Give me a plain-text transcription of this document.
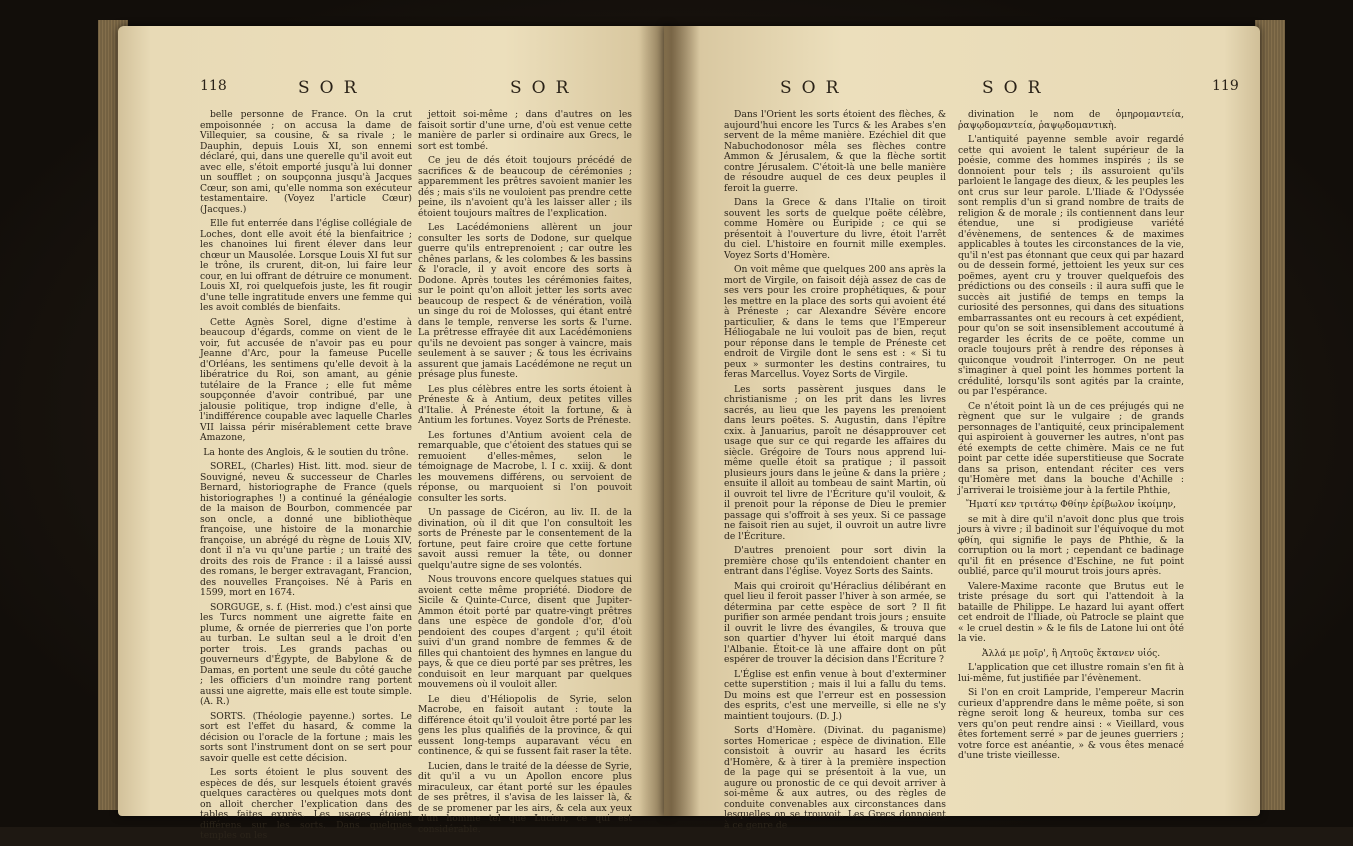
118	SOR	SOR

belle personne de France. On la crut empoisonnée ; on accusa la dame de Villequier, sa cousine, & sa rivale ; le Dauphin, depuis Louis XI, son ennemi déclaré, qui, dans une querelle qu'il avoit eut avec elle, s'étoit emporté jusqu'à lui donner un soufflet ; on soupçonna jusqu'à Jacques Cœur, son ami, qu'elle nomma son exécuteur testamentaire. (Voyez l'article Cœur) (Jacques.)

Elle fut enterrée dans l'église collégiale de Loches, dont elle avoit été la bienfaitrice ; les chanoines lui firent élever dans leur chœur un Mausolée. Lorsque Louis XI fut sur le trône, ils crurent, dit-on, lui faire leur cour, en lui offrant de détruire ce monument. Louis XI, roi quelquefois juste, les fit rougir d'une telle ingratitude envers une femme qui les avoit comblés de bienfaits.

Cette Agnès Sorel, digne d'estime à beaucoup d'égards, comme on vient de le voir, fut accusée de n'avoir pas eu pour Jeanne d'Arc, pour la fameuse Pucelle d'Orléans, les sentimens qu'elle devoit à la libératrice du Roi, son amant, au génie tutélaire de la France ; elle fut même soupçonnée d'avoir contribué, par une jalousie politique, trop indigne d'elle, à l'indifférence coupable avec laquelle Charles VII laissa périr misérablement cette brave Amazone,

La honte des Anglois, & le soutien du trône.

SOREL, (Charles) Hist. litt. mod. sieur de Souvigné, neveu & successeur de Charles Bernard, historiographe de France (quels historiographes !) a continué la généalogie de la maison de Bourbon, commencée par son oncle, a donné une bibliothèque françoise, une histoire de la monarchie françoise, un abrégé du règne de Louis XIV, dont il n'a vu qu'une partie ; un traité des droits des rois de France : il a laissé aussi des romans, le berger extravagant, Francion, des nouvelles Françoises. Né à Paris en 1599, mort en 1674.

SORGUGE, s. f. (Hist. mod.) c'est ainsi que les Turcs nomment une aigrette faite en plume, & ornée de pierreries que l'on porte au turban. Le sultan seul a le droit d'en porter trois. Les grands pachas ou gouverneurs d'Égypte, de Babylone & de Damas, en portent une seule du côté gauche ; les officiers d'un moindre rang portent aussi une aigrette, mais elle est toute simple. (A. R.)

SORTS. (Théologie payenne.) sortes. Le sort est l'effet du hasard, & comme la décision ou l'oracle de la fortune ; mais les sorts sont l'instrument dont on se sert pour savoir quelle est cette décision.

Les sorts étoient le plus souvent des espèces de dés, sur lesquels étoient gravés quelques caractères ou quelques mots dont on alloit chercher l'explication dans des tables faites exprès. Les usages étoient différens sur les sorts. Dans quelques temples on les

jettoit soi-même ; dans d'autres on les faisoit sortir d'une urne, d'où est venue cette manière de parler si ordinaire aux Grecs, le sort est tombé.

Ce jeu de dés étoit toujours précédé de sacrifices & de beaucoup de cérémonies ; apparemment les prêtres savoient manier les dés ; mais s'ils ne vouloient pas prendre cette peine, ils n'avoient qu'à les laisser aller ; ils étoient toujours maîtres de l'explication.

Les Lacédémoniens allèrent un jour consulter les sorts de Dodone, sur quelque guerre qu'ils entreprenoient ; car outre les chênes parlans, & les colombes & les bassins & l'oracle, il y avoit encore des sorts à Dodone. Après toutes les cérémonies faites, sur le point qu'on alloit jetter les sorts avec beaucoup de respect & de vénération, voilà un singe du roi de Molosses, qui étant entré dans le temple, renverse les sorts & l'urne. La prêtresse effrayée dit aux Lacédémoniens qu'ils ne devoient pas songer à vaincre, mais seulement à se sauver ; & tous les écrivains assurent que jamais Lacédémone ne reçut un présage plus funeste.

Les plus célèbres entre les sorts étoient à Préneste & à Antium, deux petites villes d'Italie. À Préneste étoit la fortune, & à Antium les fortunes. Voyez Sorts de Préneste.

Les fortunes d'Antium avoient cela de remarquable, que c'étoient des statues qui se remuoient d'elles-mêmes, selon le témoignage de Macrobe, l. I c. xxiij. & dont les mouvemens différens, ou servoient de réponse, ou marquoient si l'on pouvoit consulter les sorts.

Un passage de Cicéron, au liv. II. de la divination, où il dit que l'on consultoit les sorts de Préneste par le consentement de la fortune, peut faire croire que cette fortune savoit aussi remuer la tête, ou donner quelqu'autre signe de ses volontés.

Nous trouvons encore quelques statues qui avoient cette même propriété. Diodore de Sicile & Quinte-Curce, disent que Jupiter-Ammon étoit porté par quatre-vingt prêtres dans une espèce de gondole d'or, d'où pendoient des coupes d'argent ; qu'il étoit suivi d'un grand nombre de femmes & de filles qui chantoient des hymnes en langue du pays, & que ce dieu porté par ses prêtres, les conduisoit en leur marquant par quelques mouvemens où il vouloit aller.

Le dieu d'Héliopolis de Syrie, selon Macrobe, en faisoit autant : toute la différence étoit qu'il vouloit être porté par les gens les plus qualifiés de la province, & qui eussent long-temps auparavant vécu en continence, & qui se fussent fait raser la tête.

Lucien, dans le traité de la déesse de Syrie, dit qu'il a vu un Apollon encore plus miraculeux, car étant porté sur les épaules de ses prêtres, il s'avisa de les laisser là, & de se promener par les airs, & cela aux yeux d'un homme tel que Lucien, ce qui est considérable.

SOR	SOR	119

Dans l'Orient les sorts étoient des flèches, & aujourd'hui encore les Turcs & les Arabes s'en servent de la même manière. Ezéchiel dit que Nabuchodonosor mêla ses flèches contre Ammon & Jérusalem, & que la flèche sortit contre Jérusalem. C'étoit-là une belle manière de résoudre auquel de ces deux peuples il feroit la guerre.

Dans la Grece & dans l'Italie on tiroit souvent les sorts de quelque poëte célèbre, comme Homère ou Euripide ; ce qui se présentoit à l'ouverture du livre, étoit l'arrêt du ciel. L'histoire en fournit mille exemples. Voyez Sorts d'Homère.

On voit même que quelques 200 ans après la mort de Virgile, on faisoit déjà assez de cas de ses vers pour les croire prophétiques, & pour les mettre en la place des sorts qui avoient été à Préneste ; car Alexandre Sévère encore particulier, & dans le tems que l'Empereur Héliogabale ne lui vouloit pas de bien, reçut pour réponse dans le temple de Préneste cet endroit de Virgile dont le sens est : « Si tu peux » surmonter les destins contraires, tu feras Marcellus. Voyez Sorts de Virgile.

Les sorts passèrent jusques dans le christianisme ; on les prit dans les livres sacrés, au lieu que les payens les prenoient dans leurs poëtes. S. Augustin, dans l'épître cxix. à Januarius, paroît ne désapprouver cet usage que sur ce qui regarde les affaires du siècle. Grégoire de Tours nous apprend lui-même quelle étoit sa pratique ; il passoit plusieurs jours dans le jeûne & dans la prière ; ensuite il alloit au tombeau de saint Martin, où il ouvroit tel livre de l'Écriture qu'il vouloit, & il prenoit pour la réponse de Dieu le premier passage qui s'offroit à ses yeux. Si ce passage ne faisoit rien au sujet, il ouvroit un autre livre de l'Écriture.

D'autres prenoient pour sort divin la première chose qu'ils entendoient chanter en entrant dans l'église. Voyez Sorts des Saints.

Mais qui croiroit qu'Héraclius délibérant en quel lieu il feroit passer l'hiver à son armée, se détermina par cette espèce de sort ? Il fit purifier son armée pendant trois jours ; ensuite il ouvrit le livre des évangiles, & trouva que son quartier d'hyver lui étoit marqué dans l'Albanie. Étoit-ce là une affaire dont on pût espérer de trouver la décision dans l'Écriture ?

L'Église est enfin venue à bout d'exterminer cette superstition ; mais il lui a fallu du tems. Du moins est que l'erreur est en possession des esprits, c'est une merveille, si elle ne s'y maintient toujours. (D. J.)

Sorts d'Homère. (Divinat. du paganisme) sortes Homericae ; espèce de divination. Elle consistoit à ouvrir au hasard les écrits d'Homère, & à tirer à la première inspection de la page qui se présentoit à la vue, un augure ou pronostic de ce qui devoit arriver à soi-même & aux autres, ou des règles de conduite convenables aux circonstances dans lesquelles on se trouvoit. Les Grecs donnoient à ce genre de

divination le nom de ὁμηρομαντεία, ῥαψῳδομαντεία, ῥαψῳδομαντικὴ.

L'antiquité payenne semble avoir regardé cette qui avoient le talent supérieur de la poésie, comme des hommes inspirés ; ils se donnoient pour tels ; ils assuroient qu'ils parloient le langage des dieux, & les peuples les ont crus sur leur parole. L'Iliade & l'Odyssée sont remplis d'un si grand nombre de traits de religion & de morale ; ils contiennent dans leur étendue, une si prodigieuse variété d'évènemens, de sentences & de maximes applicables à toutes les circonstances de la vie, qu'il n'est pas étonnant que ceux qui par hazard ou de dessein formé, jettoient les yeux sur ces poëmes, ayent cru y trouver quelquefois des prédictions ou des conseils : il aura suffi que le succès ait justifié de temps en temps la curiosité des personnes, qui dans des situations embarrassantes ont eu recours à cet expédient, pour qu'on se soit insensiblement accoutumé à regarder les écrits de ce poëte, comme un oracle toujours prêt à rendre des réponses à quiconque voudroit l'interroger. On ne peut s'imaginer à quel point les hommes portent la crédulité, lorsqu'ils sont agités par la crainte, ou par l'espérance.

Ce n'étoit point là un de ces préjugés qui ne règnent que sur le vulgaire ; de grands personnages de l'antiquité, ceux principalement qui aspiroient à gouverner les autres, n'ont pas été exempts de cette chimère. Mais ce ne fut point par cette idée superstitieuse que Socrate dans sa prison, entendant réciter ces vers qu'Homère met dans la bouche d'Achille : j'arriverai le troisième jour à la fertile Phthie,

Ἤματί κεν τριτάτῳ Φθίην ἐρίβωλον ἱκοίμην,

se mit à dire qu'il n'avoit donc plus que trois jours à vivre ; il badinoit sur l'équivoque du mot φθίη, qui signifie le pays de Phthie, & la corruption ou la mort ; cependant ce badinage qu'il fit en présence d'Eschine, ne fut point oublié, parce qu'il mourut trois jours après.

Valere-Maxime raconte que Brutus eut le triste présage du sort qui l'attendoit à la bataille de Philippe. Le hazard lui ayant offert cet endroit de l'Iliade, où Patrocle se plaint que « le cruel destin » & le fils de Latone lui ont ôté la vie.

Ἀλλά με μοῖρ', ἢ Λητοῦς ἔκτανεν υἱός.

L'application que cet illustre romain s'en fit à lui-même, fut justifiée par l'évènement.

Si l'on en croit Lampride, l'empereur Macrin curieux d'apprendre dans le même poëte, si son règne seroit long & heureux, tomba sur ces vers qu'on peut rendre ainsi : « Vieillard, vous êtes fortement serré » par de jeunes guerriers ; votre force est anéantie, » & vous êtes menacé d'une triste vieillesse.
